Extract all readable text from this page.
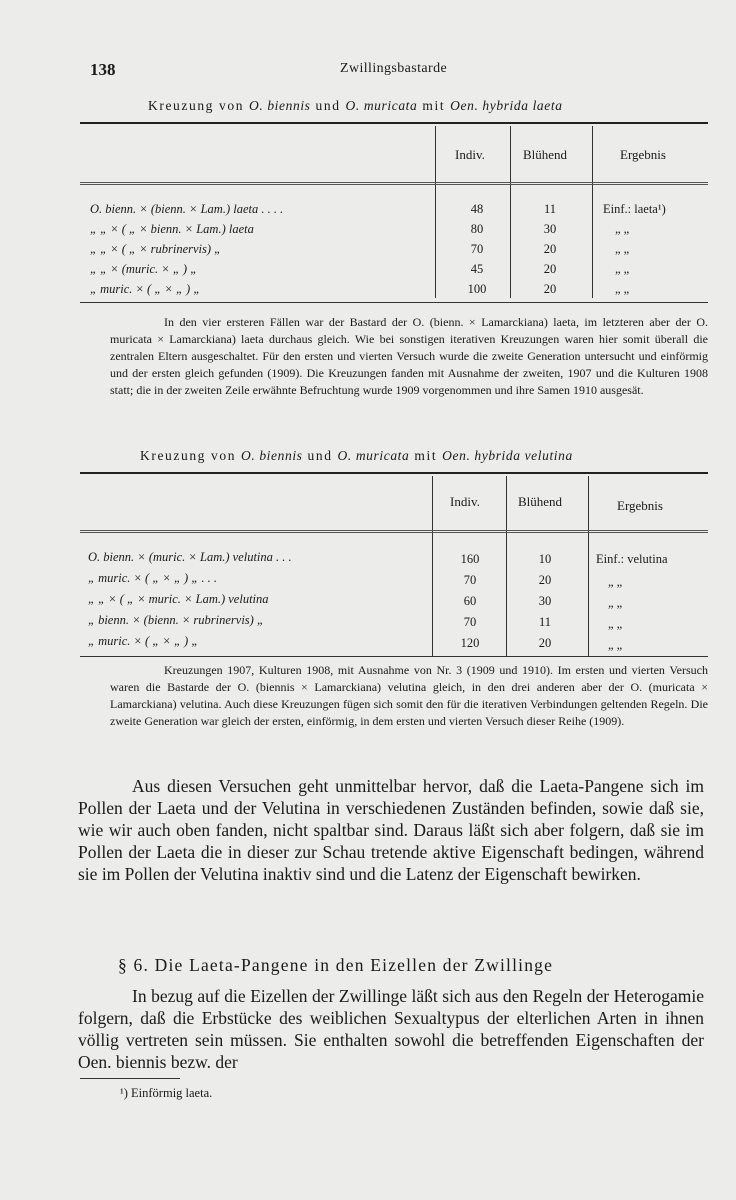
138	Zwillingsbastarde
Kreuzung von O. biennis und O. muricata mit Oen. hybrida laeta
Indiv.	Blühend	Ergebnis
O. bienn. × (bienn. × Lam.) laeta . . . .	48	11	Einf.: laeta¹)
„ „ × ( „ × bienn. × Lam.) laeta	80	30	„ „
„ „ × ( „ × rubrinervis) „	70	20	„ „
„ „ × (muric. × „ ) „	45	20	„ „
„ muric. × ( „ × „ ) „	100	20	„ „
In den vier ersteren Fällen war der Bastard der O. (bienn. × Lamarckiana) laeta, im letzteren aber der O. muricata × Lamarckiana) laeta durchaus gleich. Wie bei sonstigen iterativen Kreuzungen waren hier somit überall die zentralen Eltern ausgeschaltet. Für den ersten und vierten Versuch wurde die zweite Generation untersucht und einförmig und der ersten gleich gefunden (1909). Die Kreuzungen fanden mit Ausnahme der zweiten, 1907 und die Kulturen 1908 statt; die in der zweiten Zeile erwähnte Befruchtung wurde 1909 vorgenommen und ihre Samen 1910 ausgesät.
Kreuzung von O. biennis und O. muricata mit Oen. hybrida velutina
Indiv.	Blühend	Ergebnis
O. bienn. × (muric. × Lam.) velutina . . .	160	10	Einf.: velutina
„ muric. × ( „ × „ ) „ . . .	70	20	„ „
„ „ × ( „ × muric. × Lam.) velutina	60	30	„ „
„ bienn. × (bienn. × rubrinervis) „	70	11	„ „
„ muric. × ( „ × „ ) „	120	20	„ „
Kreuzungen 1907, Kulturen 1908, mit Ausnahme von Nr. 3 (1909 und 1910). Im ersten und vierten Versuch waren die Bastarde der O. (biennis × Lamarckiana) velutina gleich, in den drei anderen aber der O. (muricata × Lamarckiana) velutina. Auch diese Kreuzungen fügen sich somit den für die iterativen Verbindungen geltenden Regeln. Die zweite Generation war gleich der ersten, einförmig, in dem ersten und vierten Versuch dieser Reihe (1909).
Aus diesen Versuchen geht unmittelbar hervor, daß die Laeta-Pangene sich im Pollen der Laeta und der Velutina in verschiedenen Zuständen befinden, sowie daß sie, wie wir auch oben fanden, nicht spaltbar sind. Daraus läßt sich aber folgern, daß sie im Pollen der Laeta die in dieser zur Schau tretende aktive Eigenschaft bedingen, während sie im Pollen der Velutina inaktiv sind und die Latenz der Eigenschaft bewirken.
§ 6. Die Laeta-Pangene in den Eizellen der Zwillinge
In bezug auf die Eizellen der Zwillinge läßt sich aus den Regeln der Heterogamie folgern, daß die Erbstücke des weiblichen Sexualtypus der elterlichen Arten in ihnen völlig vertreten sein müssen. Sie enthalten sowohl die betreffenden Eigenschaften der Oen. biennis bezw. der
¹) Einförmig laeta.
